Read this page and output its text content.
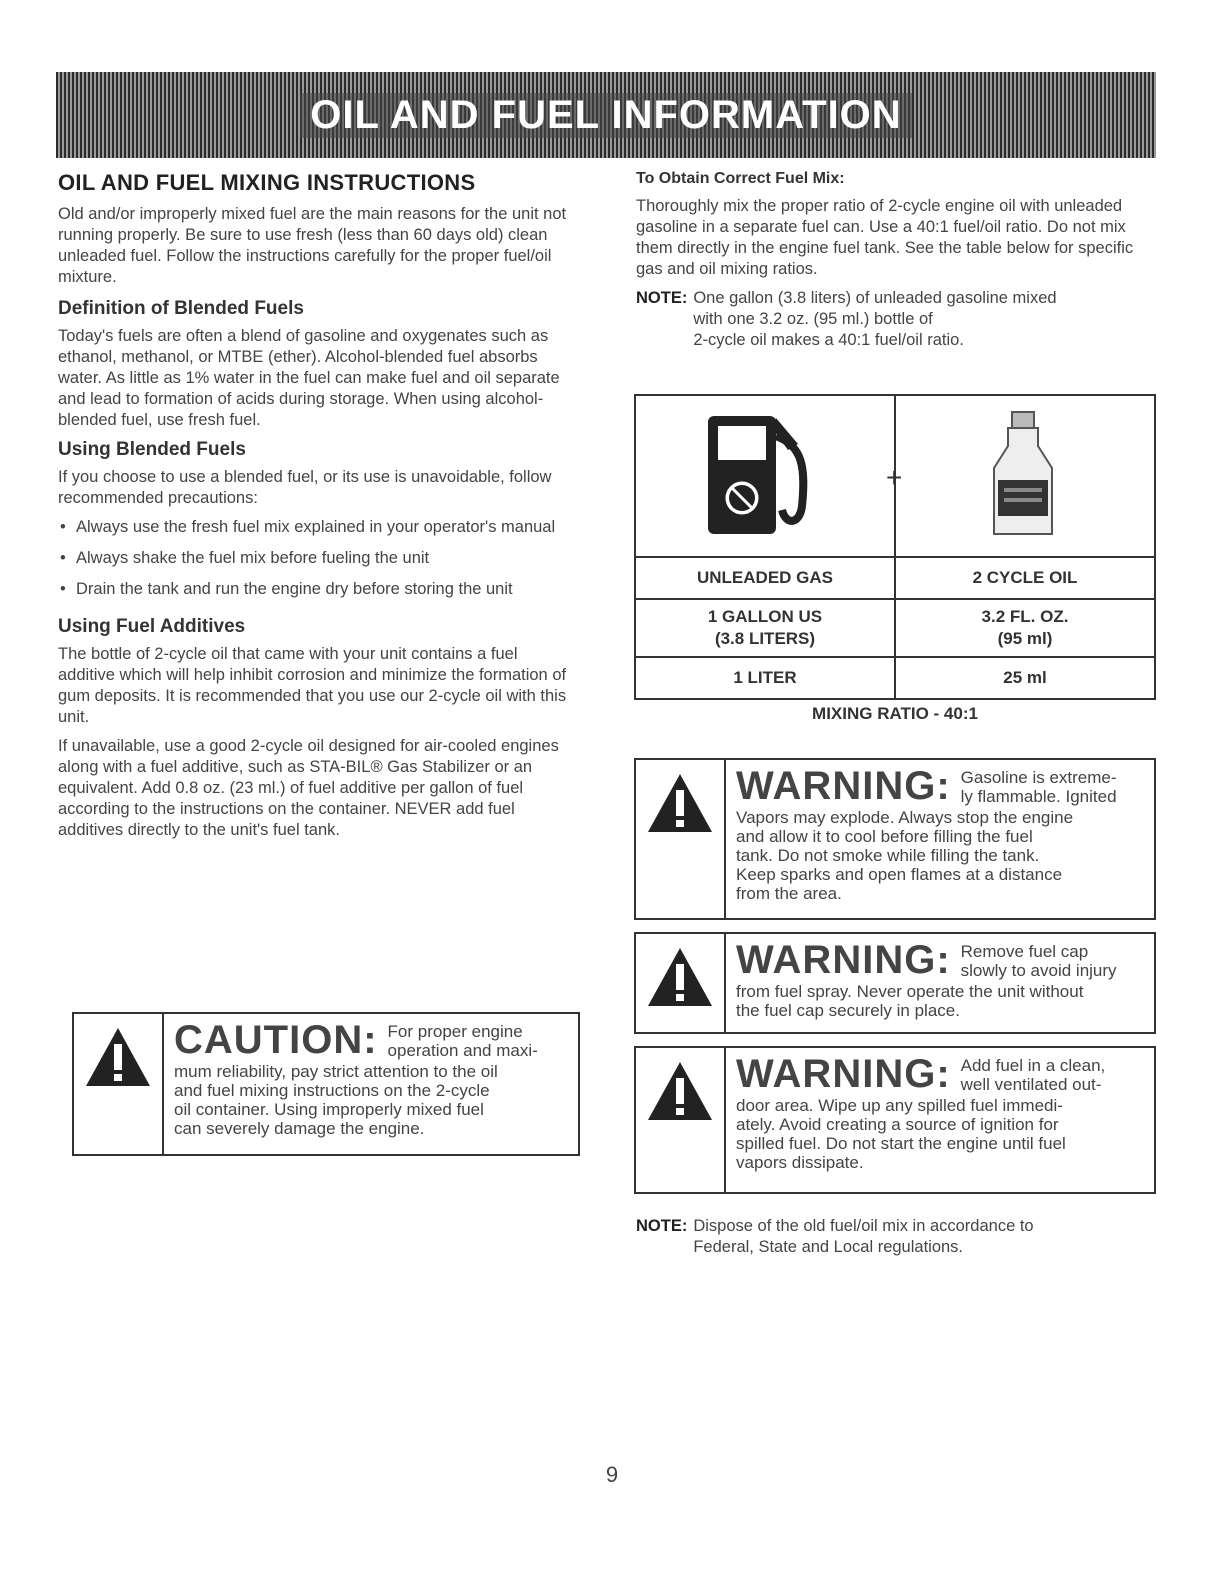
OIL AND FUEL INFORMATION
OIL AND FUEL MIXING INSTRUCTIONS

Old and/or improperly mixed fuel are the main reasons for the unit not running properly. Be sure to use fresh (less than 60 days old) clean unleaded fuel. Follow the instructions carefully for the proper fuel/oil mixture.

Definition of Blended Fuels

Today's fuels are often a blend of gasoline and oxygenates such as ethanol, methanol, or MTBE (ether). Alcohol-blended fuel absorbs water. As little as 1% water in the fuel can make fuel and oil separate and lead to formation of acids during storage. When using alcohol-blended fuel, use fresh fuel.

Using Blended Fuels

If you choose to use a blended fuel, or its use is unavoidable, follow recommended precautions:

• Always use the fresh fuel mix explained in your operator's manual
• Always shake the fuel mix before fueling the unit
• Drain the tank and run the engine dry before storing the unit
Using Fuel Additives

The bottle of 2-cycle oil that came with your unit contains a fuel additive which will help inhibit corrosion and minimize the formation of gum deposits. It is recommended that you use our 2-cycle oil with this unit.

If unavailable, use a good 2-cycle oil designed for air-cooled engines along with a fuel additive, such as STA-BIL® Gas Stabilizer or an equivalent. Add 0.8 oz. (23 ml.) of fuel additive per gallon of fuel according to the instructions on the container. NEVER add fuel additives directly to the unit's fuel tank.

CAUTION: For proper engine
operation and maxi-
mum reliability, pay strict attention to the oil
and fuel mixing instructions on the 2-cycle
oil container. Using improperly mixed fuel
can severely damage the engine.
To Obtain Correct Fuel Mix:

Thoroughly mix the proper ratio of 2-cycle engine oil with unleaded gasoline in a separate fuel can. Use a 40:1 fuel/oil ratio. Do not mix them directly in the engine fuel tank. See the table below for specific gas and oil mixing ratios.

NOTE: One gallon (3.8 liters) of unleaded gasoline mixed
with one 3.2 oz. (95 ml.) bottle of
2-cycle oil makes a 40:1 fuel/oil ratio.
UNLEADED GAS	2 CYCLE OIL
1 GALLON US
(3.8 LITERS)
3.2 FL. OZ.
(95 ml)
1 LITER	25 ml
+
MIXING RATIO - 40:1
WARNING: Gasoline is extreme-
ly flammable. Ignited
Vapors may explode. Always stop the engine
and allow it to cool before filling the fuel
tank. Do not smoke while filling the tank.
Keep sparks and open flames at a distance
from the area.
WARNING: Remove fuel cap
slowly to avoid injury
from fuel spray. Never operate the unit without
the fuel cap securely in place.
WARNING: Add fuel in a clean,
well ventilated out-
door area. Wipe up any spilled fuel immedi-
ately. Avoid creating a source of ignition for
spilled fuel. Do not start the engine until fuel
vapors dissipate.
NOTE: Dispose of the old fuel/oil mix in accordance to
Federal, State and Local regulations.
9
